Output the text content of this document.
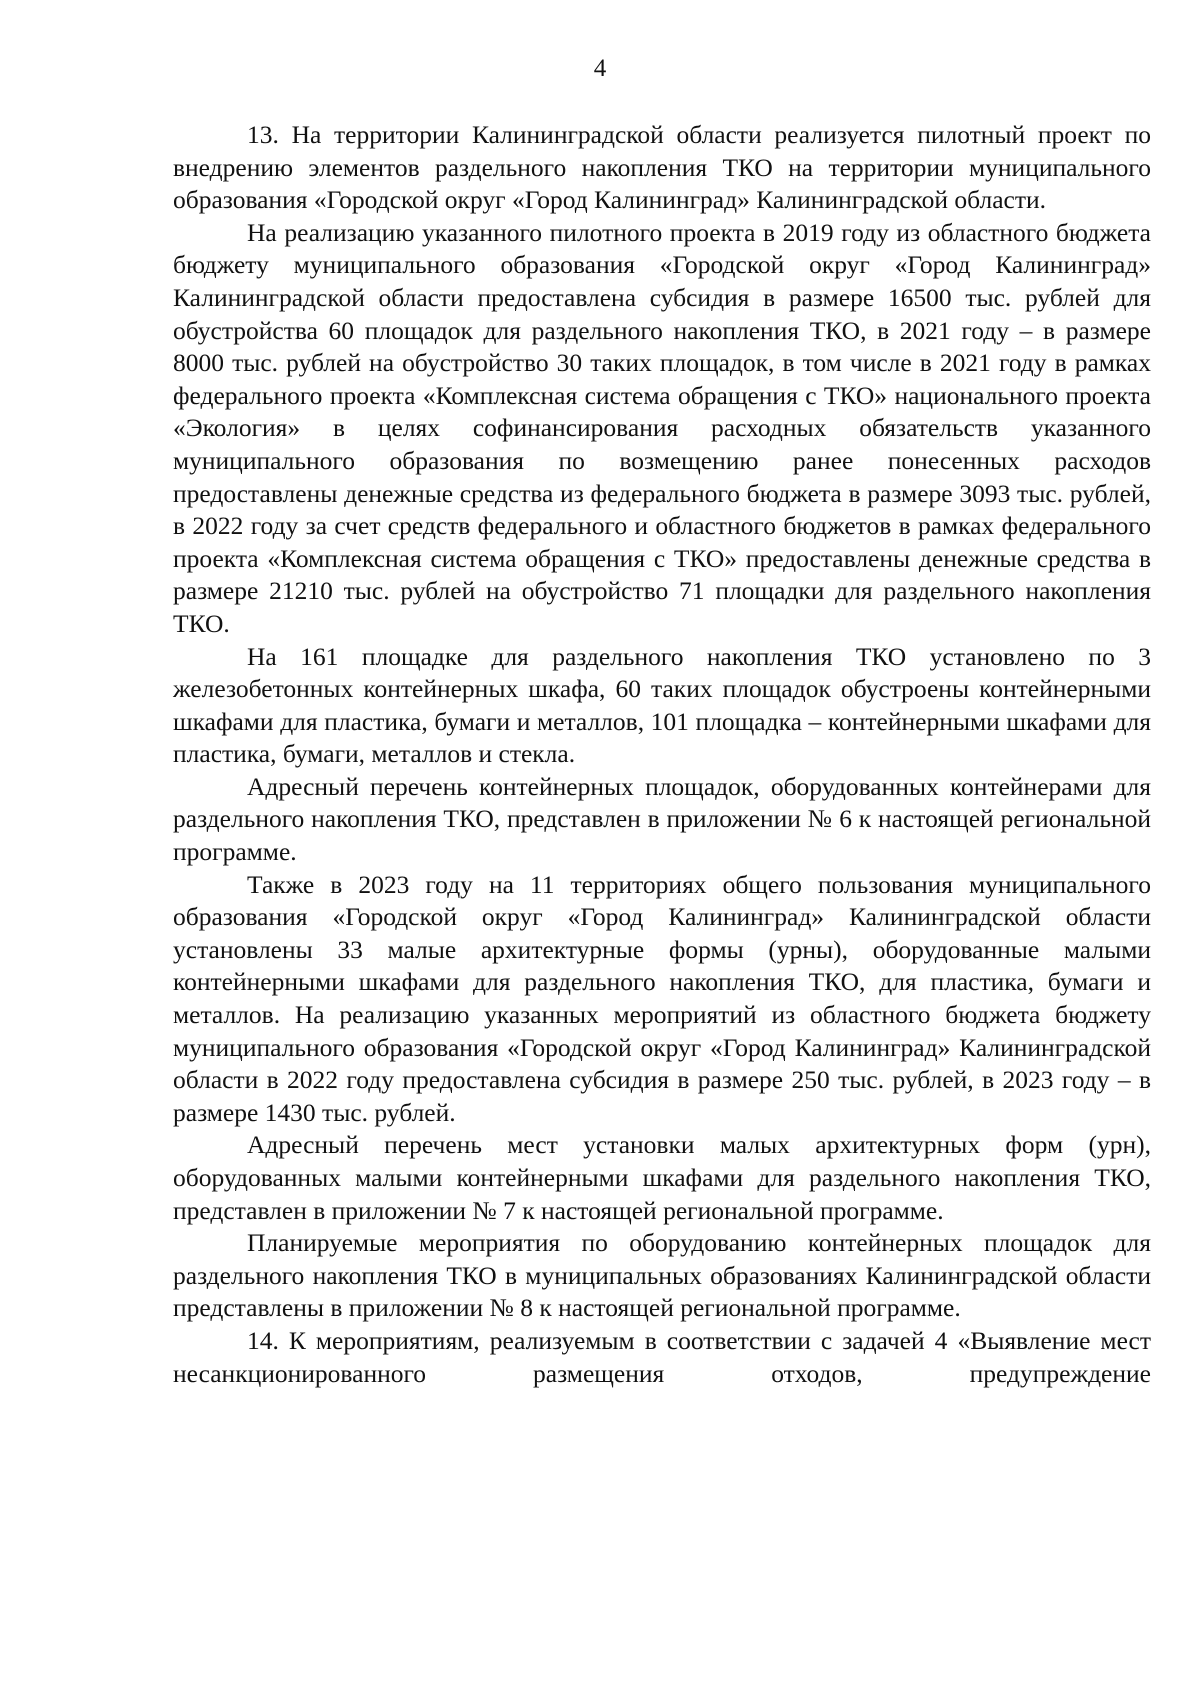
4

13. На территории Калининградской области реализуется пилотный проект по внедрению элементов раздельного накопления ТКО на территории муниципального образования «Городской округ «Город Калининград» Калининградской области.

На реализацию указанного пилотного проекта в 2019 году из областного бюджета бюджету муниципального образования «Городской округ «Город Калининград» Калининградской области предоставлена субсидия в размере 16500 тыс. рублей для обустройства 60 площадок для раздельного накопления ТКО, в 2021 году – в размере 8000 тыс. рублей на обустройство 30 таких площадок, в том числе в 2021 году в рамках федерального проекта «Комплексная система обращения с ТКО» национального проекта «Экология» в целях софинансирования расходных обязательств указанного муниципального образования по возмещению ранее понесенных расходов предоставлены денежные средства из федерального бюджета в размере 3093 тыс. рублей, в 2022 году за счет средств федерального и областного бюджетов в рамках федерального проекта «Комплексная система обращения с ТКО» предоставлены денежные средства в размере 21210 тыс. рублей на обустройство 71 площадки для раздельного накопления ТКО.

На 161 площадке для раздельного накопления ТКО установлено по 3 железобетонных контейнерных шкафа, 60 таких площадок обустроены контейнерными шкафами для пластика, бумаги и металлов, 101 площадка – контейнерными шкафами для пластика, бумаги, металлов и стекла.

Адресный перечень контейнерных площадок, оборудованных контейнерами для раздельного накопления ТКО, представлен в приложении № 6 к настоящей региональной программе.

Также в 2023 году на 11 территориях общего пользования муниципального образования «Городской округ «Город Калининград» Калининградской области установлены 33 малые архитектурные формы (урны), оборудованные малыми контейнерными шкафами для раздельного накопления ТКО, для пластика, бумаги и металлов. На реализацию указанных мероприятий из областного бюджета бюджету муниципального образования «Городской округ «Город Калининград» Калининградской области в 2022 году предоставлена субсидия в размере 250 тыс. рублей, в 2023 году – в размере 1430 тыс. рублей.

Адресный перечень мест установки малых архитектурных форм (урн), оборудованных малыми контейнерными шкафами для раздельного накопления ТКО, представлен в приложении № 7 к настоящей региональной программе.

Планируемые мероприятия по оборудованию контейнерных площадок для раздельного накопления ТКО в муниципальных образованиях Калининградской области представлены в приложении № 8 к настоящей региональной программе.

14. К мероприятиям, реализуемым в соответствии с задачей 4 «Выявление мест несанкционированного размещения отходов, предупреждение
